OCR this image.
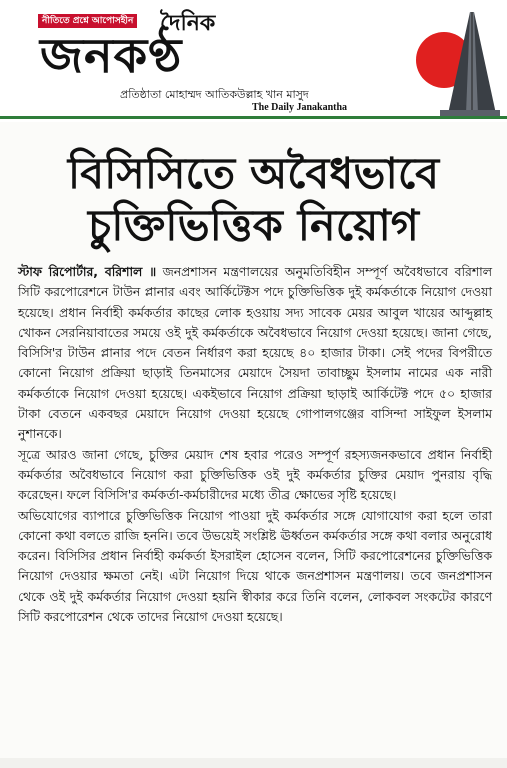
নীতিতে প্রশ্নে আপোসহীন দৈনিক
জনকণ্ঠ
প্রতিষ্ঠাতা মোহাম্মদ আতিকউল্লাহ খান মাসুদ
The Daily Janakantha
বিসিসিতে অবৈধভাবে
চুক্তিভিত্তিক নিয়োগ

স্টাফ রিপোর্টার, বরিশাল ॥ জনপ্রশাসন মন্ত্রণালয়ের অনুমতিবিহীন সম্পূর্ণ অবৈধভাবে বরিশাল সিটি করপোরেশনে টাউন প্লানার এবং আর্কিটেক্টস পদে চুক্তিভিত্তিক দুই কর্মকর্তাকে নিয়োগ দেওয়া হয়েছে। প্রধান নির্বাহী কর্মকর্তার কাছের লোক হওয়ায় সদ্য সাবেক মেয়র আবুল খায়ের আব্দুল্লাহ খোকন সেরনিয়াবাতের সময়ে ওই দুই কর্মকর্তাকে অবৈধভাবে নিয়োগ দেওয়া হয়েছে। জানা গেছে, বিসিসি'র টাউন প্লানার পদে বেতন নির্ধারণ করা হয়েছে ৪০ হাজার টাকা। সেই পদের বিপরীতে কোনো নিয়োগ প্রক্রিয়া ছাড়াই তিনমাসের মেয়াদে সৈয়দা তাবাচ্ছুম ইসলাম নামের এক নারী কর্মকর্তাকে নিয়োগ দেওয়া হয়েছে। একইভাবে নিয়োগ প্রক্রিয়া ছাড়াই আর্কিটেক্ট পদে ৫০ হাজার টাকা বেতনে একবছর মেয়াদে নিয়োগ দেওয়া হয়েছে গোপালগঞ্জের বাসিন্দা সাইফুল ইসলাম নুশানকে।

সূত্রে আরও জানা গেছে, চুক্তির মেয়াদ শেষ হবার পরেও সম্পূর্ণ রহস্যজনকভাবে প্রধান নির্বাহী কর্মকর্তার অবৈধভাবে নিয়োগ করা চুক্তিভিত্তিক ওই দুই কর্মকর্তার চুক্তির মেয়াদ পুনরায় বৃদ্ধি করেছেন। ফলে বিসিসি'র কর্মকর্তা-কর্মচারীদের মধ্যে তীব্র ক্ষোভের সৃষ্টি হয়েছে।

অভিযোগের ব্যাপারে চুক্তিভিত্তিক নিয়োগ পাওয়া দুই কর্মকর্তার সঙ্গে যোগাযোগ করা হলে তারা কোনো কথা বলতে রাজি হননি। তবে উভয়েই সংশ্লিষ্ট ঊর্ধ্বতন কর্মকর্তার সঙ্গে কথা বলার অনুরোধ করেন। বিসিসির প্রধান নির্বাহী কর্মকর্তা ইসরাইল হোসেন বলেন, সিটি করপোরেশনের চুক্তিভিত্তিক নিয়োগ দেওয়ার ক্ষমতা নেই। এটা নিয়োগ দিয়ে থাকে জনপ্রশাসন মন্ত্রণালয়। তবে জনপ্রশাসন থেকে ওই দুই কর্মকর্তার নিয়োগ দেওয়া হয়নি স্বীকার করে তিনি বলেন, লোকবল সংকটের কারণে সিটি করপোরেশন থেকে তাদের নিয়োগ দেওয়া হয়েছে।
